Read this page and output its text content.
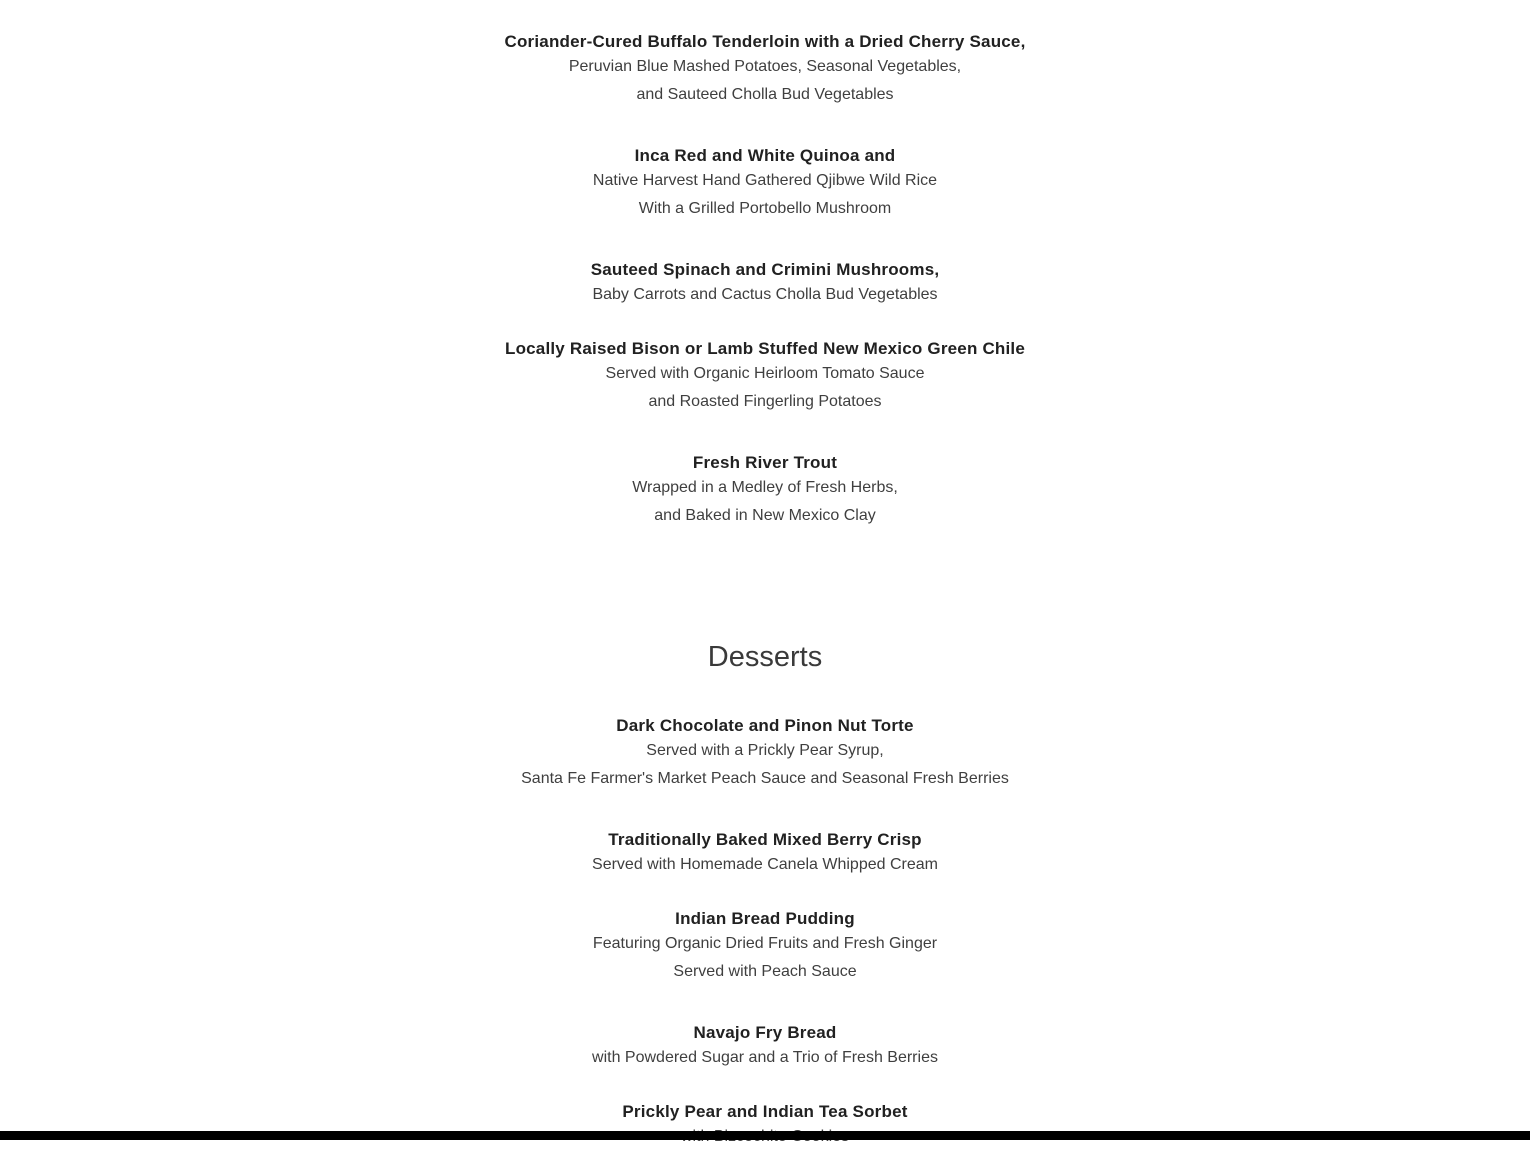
Coriander-Cured Buffalo Tenderloin with a Dried Cherry Sauce,
Peruvian Blue Mashed Potatoes, Seasonal Vegetables,
and Sauteed Cholla Bud Vegetables
Inca Red and White Quinoa and
Native Harvest Hand Gathered Qjibwe Wild Rice
With a Grilled Portobello Mushroom
Sauteed Spinach and Crimini Mushrooms,
Baby Carrots and Cactus Cholla Bud Vegetables
Locally Raised Bison or Lamb Stuffed New Mexico Green Chile
Served with Organic Heirloom Tomato Sauce
and Roasted Fingerling Potatoes
Fresh River Trout
Wrapped in a Medley of Fresh Herbs,
and Baked in New Mexico Clay
Desserts
Dark Chocolate and Pinon Nut Torte
Served with a Prickly Pear Syrup,
Santa Fe Farmer's Market Peach Sauce and Seasonal Fresh Berries
Traditionally Baked Mixed Berry Crisp
Served with Homemade Canela Whipped Cream
Indian Bread Pudding
Featuring Organic Dried Fruits and Fresh Ginger
Served with Peach Sauce
Navajo Fry Bread
with Powdered Sugar and a Trio of Fresh Berries
Prickly Pear and Indian Tea Sorbet
